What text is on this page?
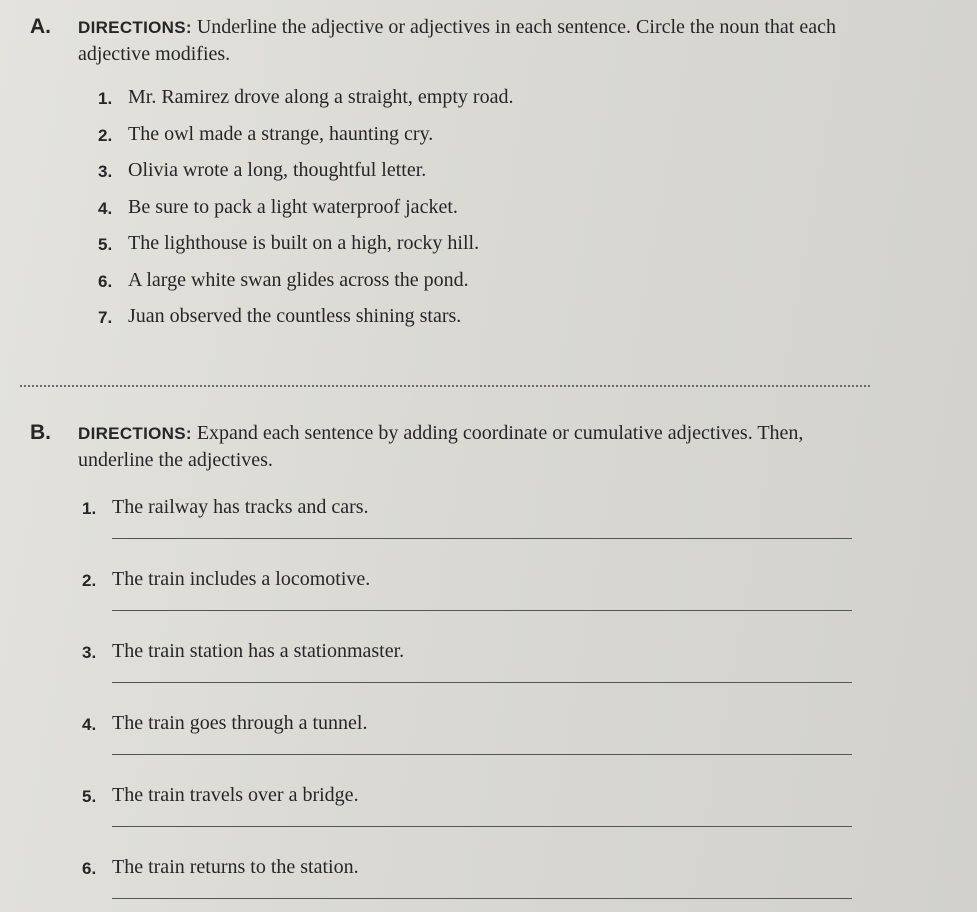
A.	DIRECTIONS: Underline the adjective or adjectives in each sentence. Circle the noun that each adjective modifies.
1. Mr. Ramirez drove along a straight, empty road.
2. The owl made a strange, haunting cry.
3. Olivia wrote a long, thoughtful letter.
4. Be sure to pack a light waterproof jacket.
5. The lighthouse is built on a high, rocky hill.
6. A large white swan glides across the pond.
7. Juan observed the countless shining stars.
B.	DIRECTIONS: Expand each sentence by adding coordinate or cumulative adjectives. Then, underline the adjectives.
1. The railway has tracks and cars.
2. The train includes a locomotive.
3. The train station has a stationmaster.
4. The train goes through a tunnel.
5. The train travels over a bridge.
6. The train returns to the station.
